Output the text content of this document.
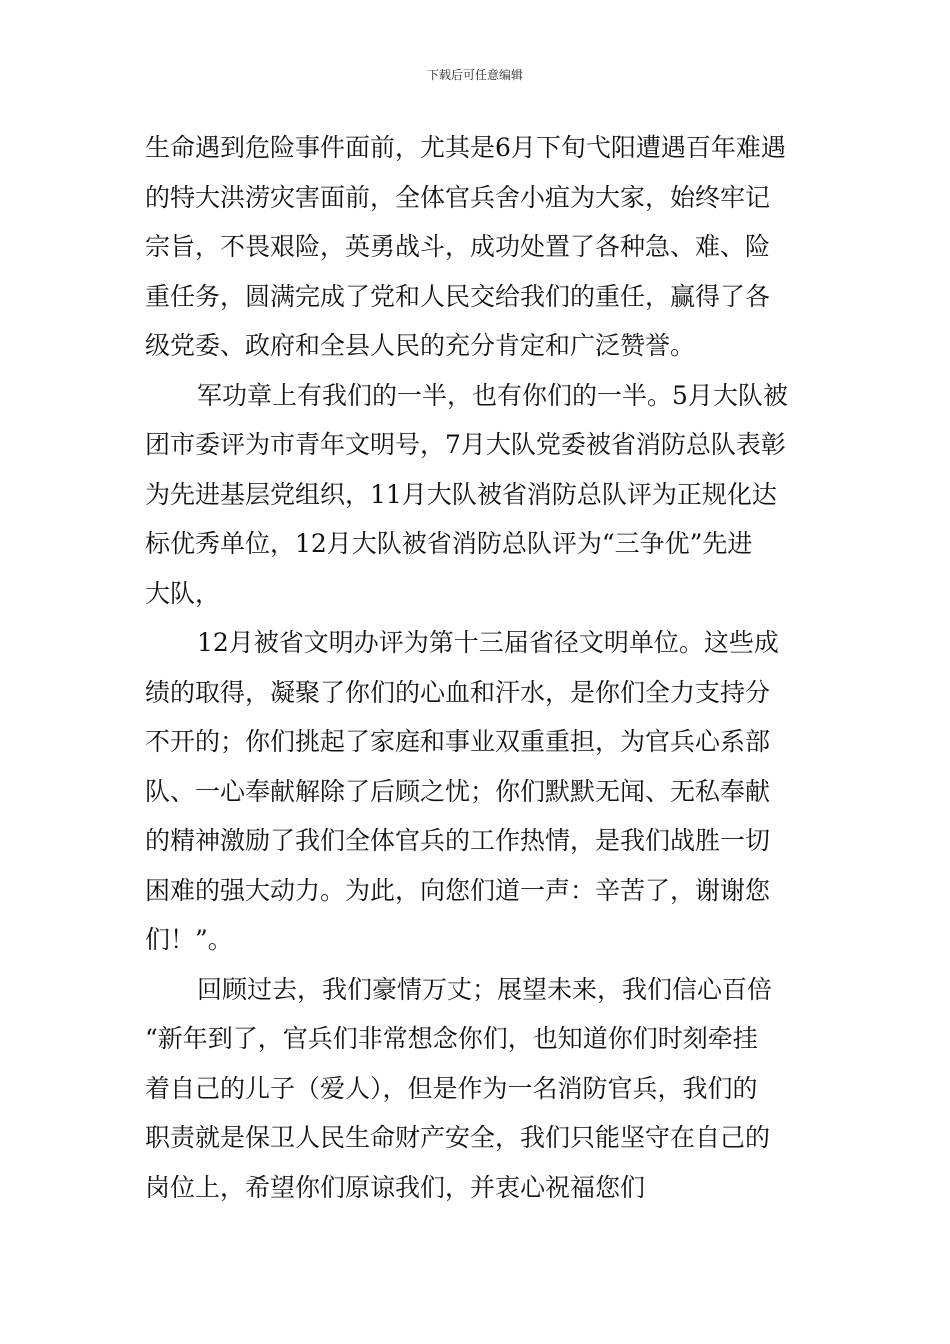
下载后可任意编辑
生命遇到危险事件面前，尤其是6月下旬弋阳遭遇百年难遇
的特大洪涝灾害面前，全体官兵舍小疽为大家，始终牢记
宗旨，不畏艰险，英勇战斗，成功处置了各种急、难、险
重任务，圆满完成了党和人民交给我们的重任，赢得了各
级党委、政府和全县人民的充分肯定和广泛赞誉。
军功章上有我们的一半，也有你们的一半。5月大队被
团市委评为市青年文明号，7月大队党委被省消防总队表彰
为先进基层党组织，11月大队被省消防总队评为正规化达
标优秀单位，12月大队被省消防总队评为“三争优”先进
大队，
12月被省文明办评为第十三届省径文明单位。这些成
绩的取得，凝聚了你们的心血和汗水，是你们全力支持分
不开的；你们挑起了家庭和事业双重重担，为官兵心系部
队、一心奉献解除了后顾之忧；你们默默无闻、无私奉献
的精神激励了我们全体官兵的工作热情，是我们战胜一切
困难的强大动力。为此，向您们道一声：辛苦了，谢谢您
们！”。
回顾过去，我们豪情万丈；展望未来，我们信心百倍
“新年到了，官兵们非常想念你们，也知道你们时刻牵挂
着自己的儿子（爱人），但是作为一名消防官兵，我们的
职责就是保卫人民生命财产安全，我们只能坚守在自己的
岗位上，希望你们原谅我们，并衷心祝福您们
